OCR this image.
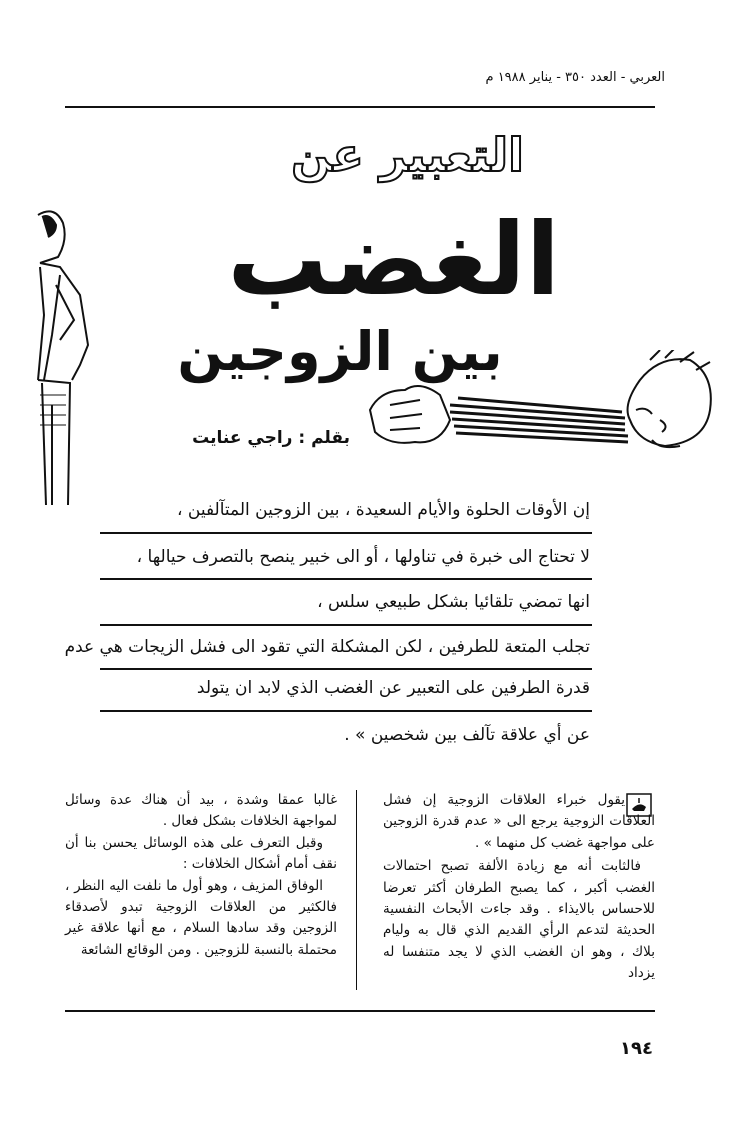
العربي - العدد ٣٥٠ - يناير ١٩٨٨ م
التعبير عن
الغضب
بين الزوجين
بقلم : راجي عنايت
إن الأوقات الحلوة والأيام السعيدة ، بين الزوجين المتآلفين ،
لا تحتاج الى خبرة في تناولها ، أو الى خبير ينصح بالتصرف حيالها ،
انها تمضي تلقائيا بشكل طبيعي سلس ،
تجلب المتعة للطرفين ، لكن المشكلة التي تقود الى فشل الزيجات هي عدم
قدرة الطرفين على التعبير عن الغضب الذي لابد ان يتولد
عن أي علاقة تآلف بين شخصين » .

يقول خبراء العلاقات الزوجية إن فشل العلاقات الزوجية يرجع الى « عدم قدرة الزوجين على مواجهة غضب كل منهما » .

فالثابت أنه مع زيادة الألفة تصبح احتمالات الغضب أكبر ، كما يصبح الطرفان أكثر تعرضا للاحساس بالايذاء . وقد جاءت الأبحاث النفسية الحديثة لتدعم الرأي القديم الذي قال به وليام بلاك ، وهو ان الغضب الذي لا يجد متنفسا له يزداد

غالبا عمقا وشدة ، بيد أن هناك عدة وسائل لمواجهة الخلافات بشكل فعال .

وقبل التعرف على هذه الوسائل يحسن بنا أن نقف أمام أشكال الخلافات :

الوفاق المزيف ، وهو أول ما نلفت اليه النظر ، فالكثير من العلاقات الزوجية تبدو لأصدقاء الزوجين وقد سادها السلام ، مع أنها علاقة غير محتملة بالنسبة للزوجين . ومن الوقائع الشائعة

١٩٤
